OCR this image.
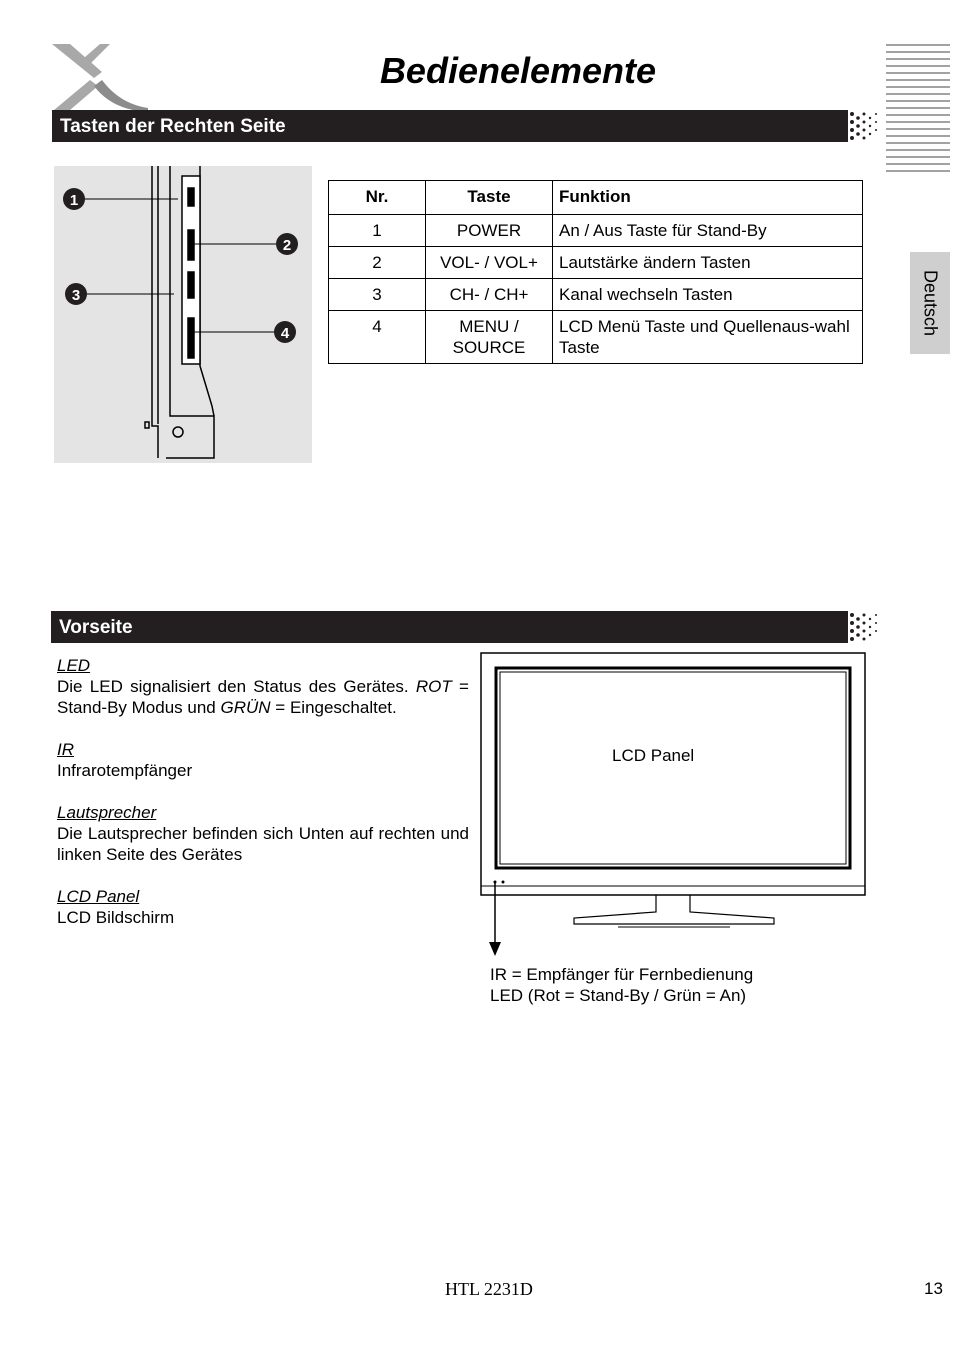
Bedienelemente
Deutsch
Tasten der Rechten Seite
1
2
3
4
Nr.	Taste	Funktion
1	POWER	An / Aus Taste für Stand-By
2	VOL- / VOL+	Lautstärke ändern Tasten
3	CH- / CH+	Kanal wechseln Tasten
4	MENU / SOURCE	LCD Menü Taste und Quellenaus-wahl Taste
Vorseite
LED

Die LED signalisiert den Status des Gerätes. ROT = Stand-By Modus und GRÜN = Eingeschaltet.

IR

Infrarotempfänger

Lautsprecher

Die Lautsprecher befinden sich Unten auf rechten und linken Seite des Gerätes

LCD Panel

LCD Bildschirm

LCD Panel
IR = Empfänger für Fernbedienung
LED (Rot = Stand-By / Grün = An)
HTL 2231D	13
